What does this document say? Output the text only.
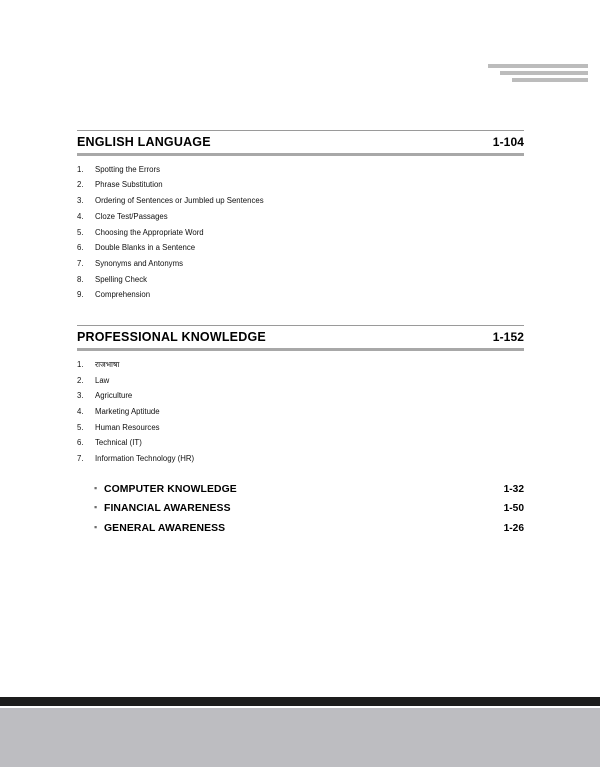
ENGLISH LANGUAGE	1-104
1.	Spotting the Errors
2.	Phrase Substitution
3.	Ordering of Sentences or Jumbled up Sentences
4.	Cloze Test/Passages
5.	Choosing the Appropriate Word
6.	Double Blanks in a Sentence
7.	Synonyms and Antonyms
8.	Spelling Check
9.	Comprehension
PROFESSIONAL KNOWLEDGE	1-152
1.	राजभाषा
2.	Law
3.	Agriculture
4.	Marketing Aptitude
5.	Human Resources
6.	Technical (IT)
7.	Information Technology (HR)
▪ COMPUTER KNOWLEDGE	1-32
▪ FINANCIAL AWARENESS	1-50
▪ GENERAL AWARENESS	1-26
